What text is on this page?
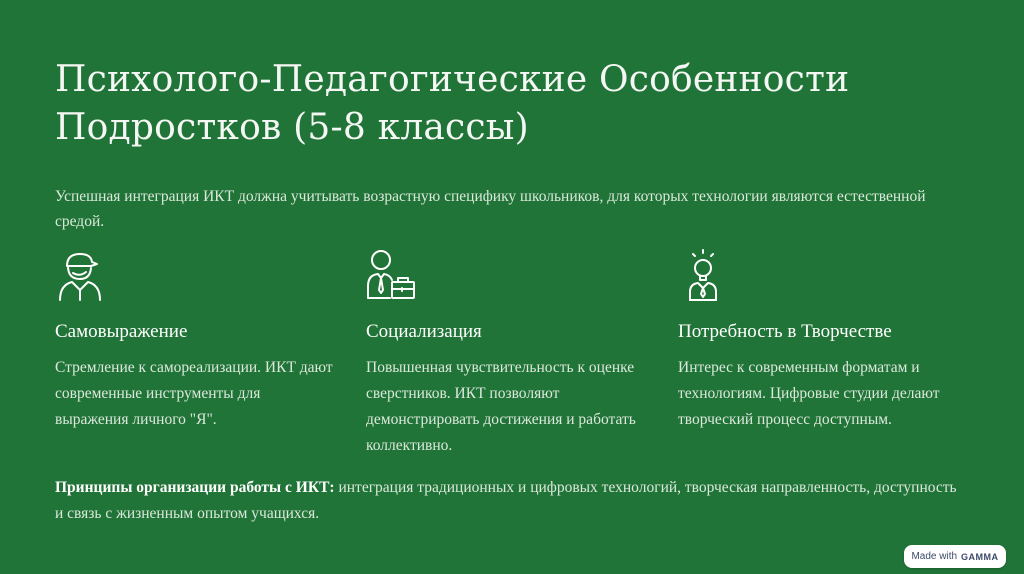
Психолого-Педагогические Особенности Подростков (5-8 классы)
Успешная интеграция ИКТ должна учитывать возрастную специфику школьников, для которых технологии являются естественной средой.
Самовыражение

Стремление к самореализации. ИКТ дают современные инструменты для выражения личного "Я".

Социализация

Повышенная чувствительность к оценке сверстников. ИКТ позволяют демонстрировать достижения и работать коллективно.

Потребность в Творчестве

Интерес к современным форматам и технологиям. Цифровые студии делают творческий процесс доступным.

Принципы организации работы с ИКТ: интеграция традиционных и цифровых технологий, творческая направленность, доступность и связь с жизненным опытом учащихся.
Made with GAMMA
